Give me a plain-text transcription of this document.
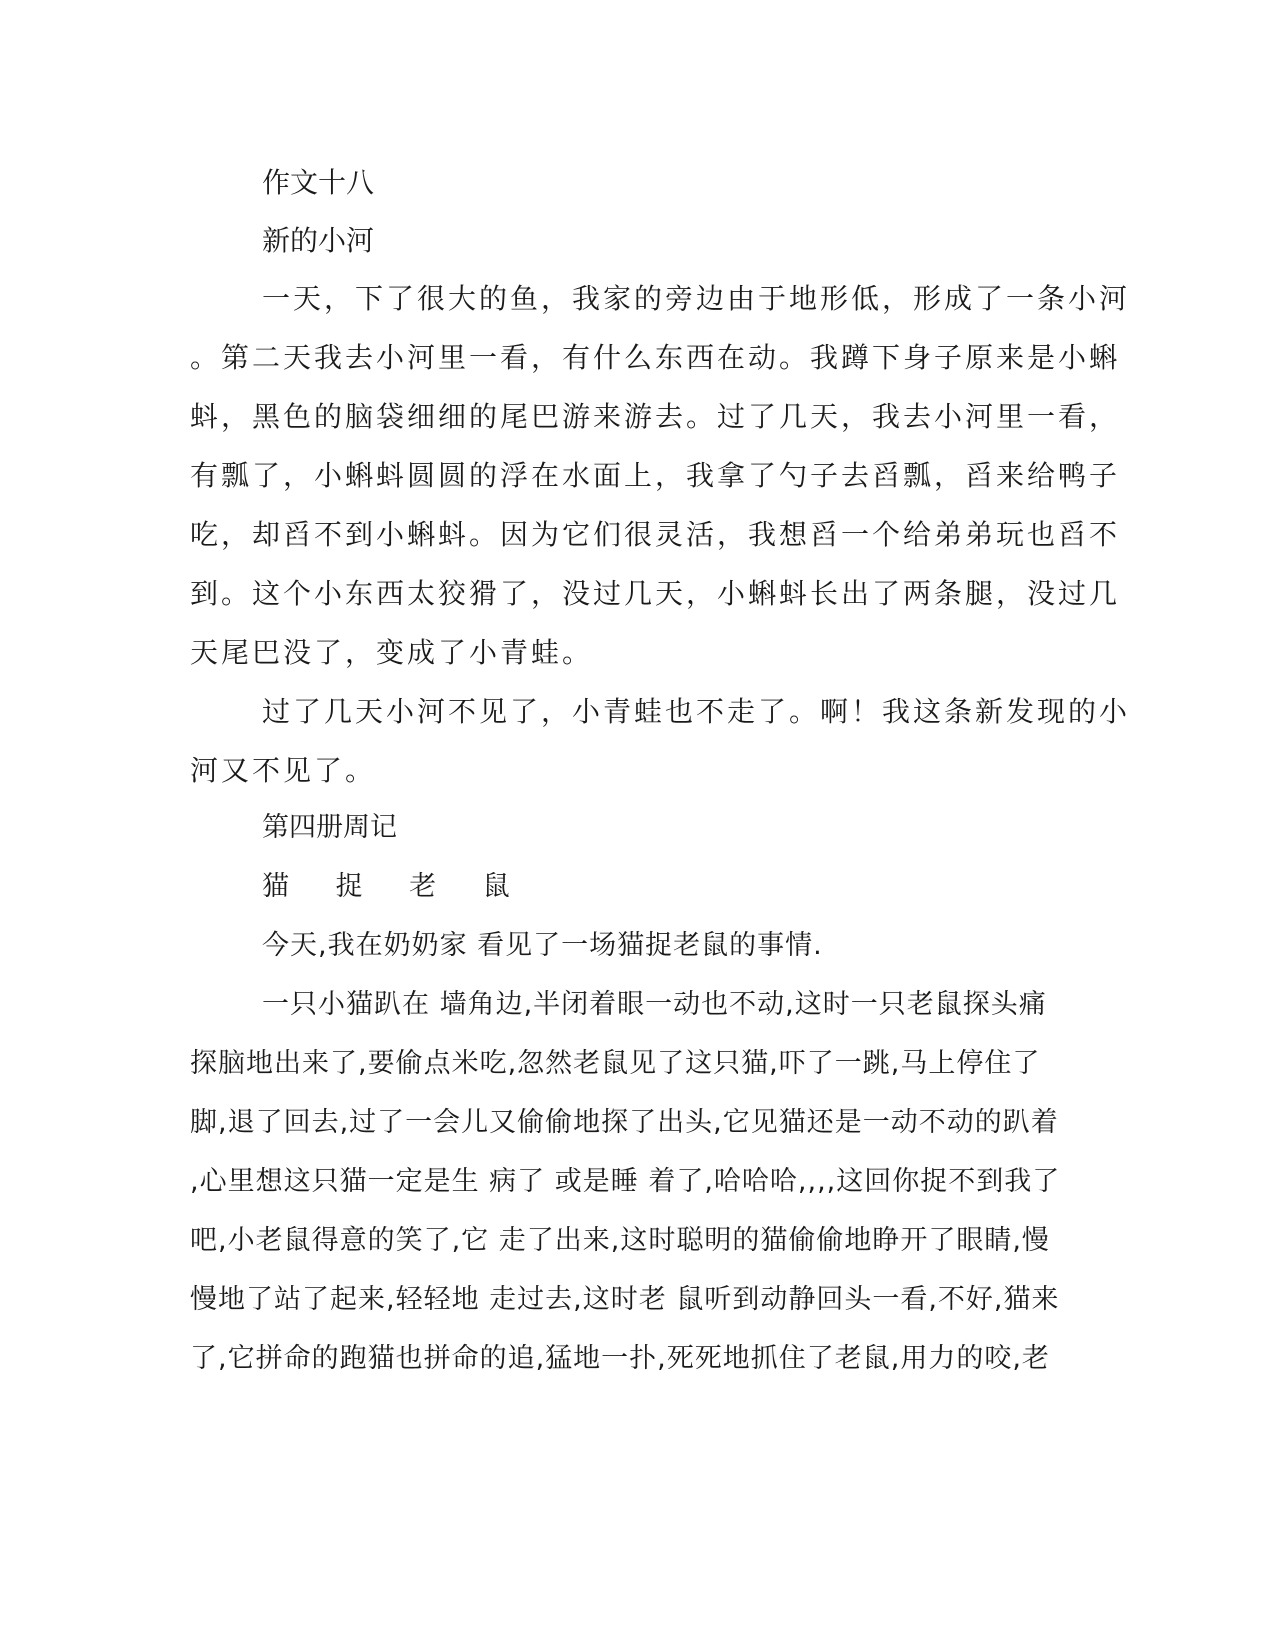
作文十八
新的小河
一天，下了很大的鱼，我家的旁边由于地形低，形成了一条小河
。第二天我去小河里一看，有什么东西在动。我蹲下身子原来是小蝌
蚪，黑色的脑袋细细的尾巴游来游去。过了几天，我去小河里一看，
有瓢了，小蝌蚪圆圆的浮在水面上，我拿了勺子去舀瓢，舀来给鸭子
吃，却舀不到小蝌蚪。因为它们很灵活，我想舀一个给弟弟玩也舀不
到。这个小东西太狡猾了，没过几天，小蝌蚪长出了两条腿，没过几
天尾巴没了，变成了小青蛙。
过了几天小河不见了，小青蛙也不走了。啊！我这条新发现的小
河又不见了。
第四册周记
猫 捉 老 鼠
今天,我在奶奶家 看见了一场猫捉老鼠的事情.
一只小猫趴在 墙角边,半闭着眼一动也不动,这时一只老鼠探头痛
探脑地出来了,要偷点米吃,忽然老鼠见了这只猫,吓了一跳,马上停住了
脚,退了回去,过了一会儿又偷偷地探了出头,它见猫还是一动不动的趴着
,心里想这只猫一定是生 病了 或是睡 着了,哈哈哈,,,,这回你捉不到我了
吧,小老鼠得意的笑了,它 走了出来,这时聪明的猫偷偷地睁开了眼睛,慢
慢地了站了起来,轻轻地 走过去,这时老 鼠听到动静回头一看,不好,猫来
了,它拼命的跑猫也拼命的追,猛地一扑,死死地抓住了老鼠,用力的咬,老
